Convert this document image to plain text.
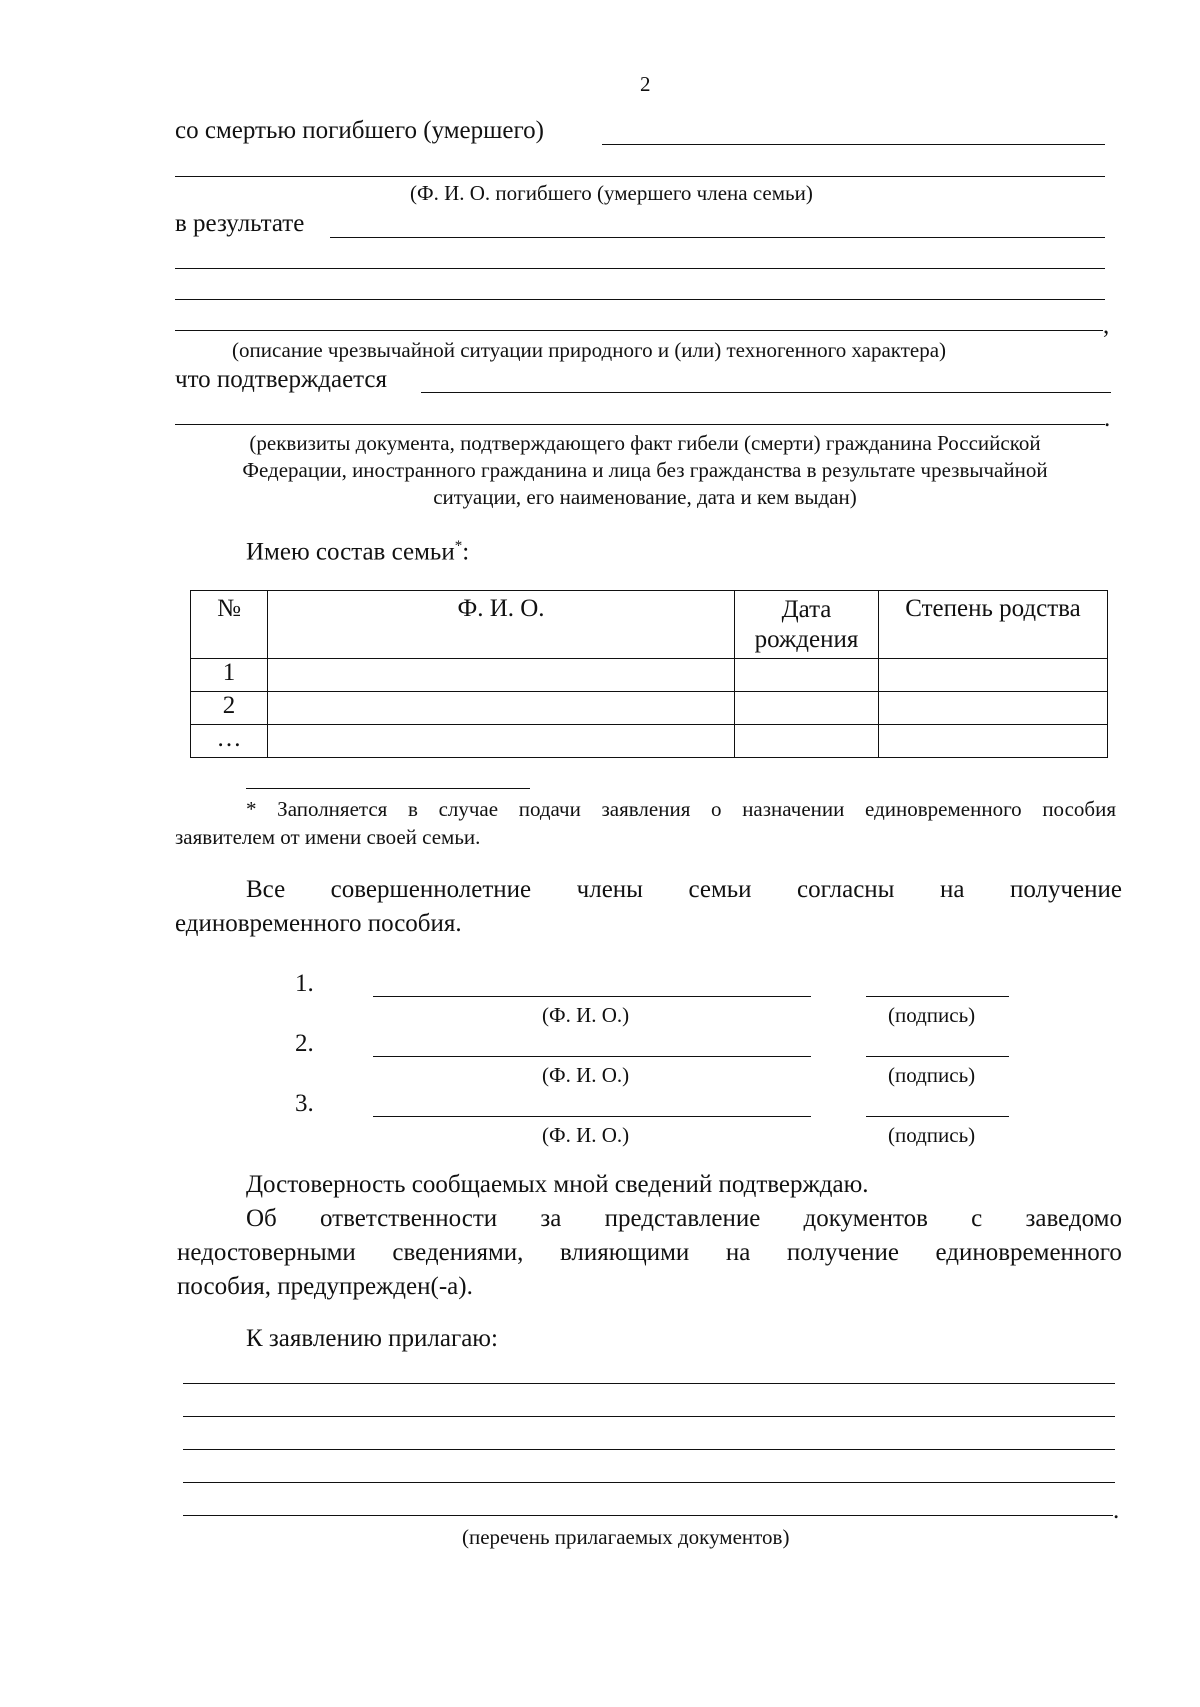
2
со смертью погибшего (умершего)
(Ф. И. О. погибшего (умершего члена семьи)
в результате
,
(описание чрезвычайной ситуации природного и (или) техногенного характера)
что подтверждается
.
(реквизиты документа, подтверждающего факт гибели (смерти) гражданина Российской
Федерации, иностранного гражданина и лица без гражданства в результате чрезвычайной
ситуации, его наименование, дата и кем выдан)
Имею состав семьи*:
№	Ф. И. О.	Дата рождения	Степень родства
1			
2			
…			
* Заполняется в случае подачи заявления о назначении единовременного пособия
заявителем от имени своей семьи.
Все совершеннолетние члены семьи согласны на получение
единовременного пособия.
1.
(Ф. И. О.)	(подпись)
2.
(Ф. И. О.)	(подпись)
3.
(Ф. И. О.)	(подпись)
Достоверность сообщаемых мной сведений подтверждаю.
Об ответственности за представление документов с заведомо
недостоверными сведениями, влияющими на получение единовременного
пособия, предупрежден(-а).
К заявлению прилагаю:
.
(перечень прилагаемых документов)
